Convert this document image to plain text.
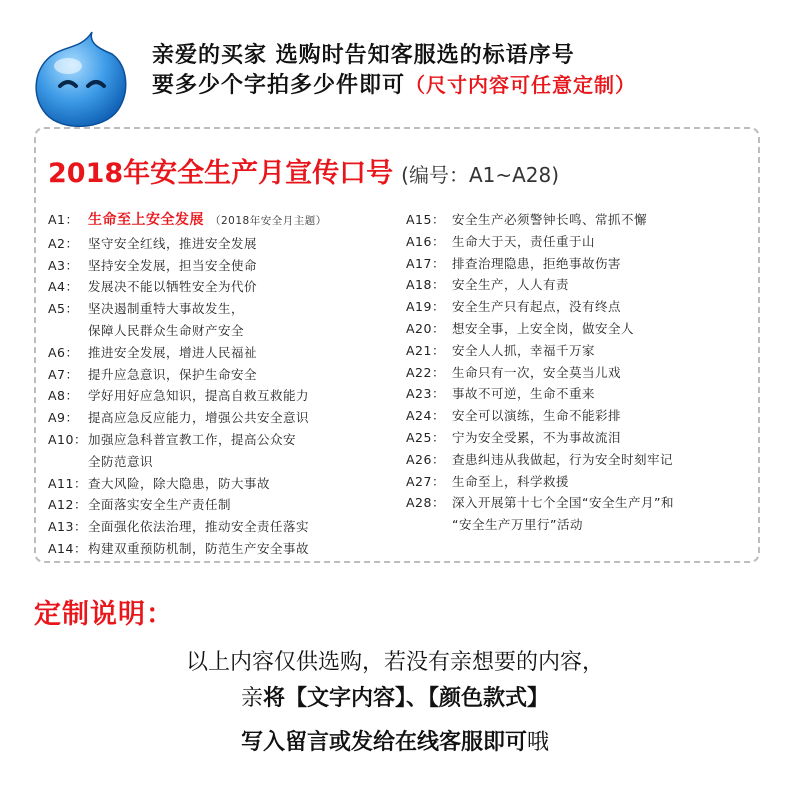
亲爱的买家 选购时告知客服选的标语序号
要多少个字拍多少件即可（尺寸内容可任意定制）
2018年安全生产月宣传口号 (编号：A1~A28)
A1： 生命至上安全发展 （2018年安全月主题）
A2： 坚守安全红线，推进安全发展
A3： 坚持安全发展，担当安全使命
A4： 发展决不能以牺牲安全为代价
A5： 坚决遏制重特大事故发生，
保障人民群众生命财产安全
A6： 推进安全发展，增进人民福祉
A7： 提升应急意识，保护生命安全
A8： 学好用好应急知识，提高自救互救能力
A9： 提高应急反应能力，增强公共安全意识
A10： 加强应急科普宣教工作，提高公众安
全防范意识
A11： 查大风险，除大隐患，防大事故
A12： 全面落实安全生产责任制
A13： 全面强化依法治理，推动安全责任落实
A14： 构建双重预防机制，防范生产安全事故
A15： 安全生产必须警钟长鸣、常抓不懈
A16： 生命大于天，责任重于山
A17： 排查治理隐患，拒绝事故伤害
A18： 安全生产，人人有责
A19： 安全生产只有起点，没有终点
A20： 想安全事，上安全岗，做安全人
A21： 安全人人抓，幸福千万家
A22： 生命只有一次，安全莫当儿戏
A23： 事故不可逆，生命不重来
A24： 安全可以演练，生命不能彩排
A25： 宁为安全受累，不为事故流泪
A26： 查患纠违从我做起，行为安全时刻牢记
A27： 生命至上，科学救援
A28： 深入开展第十七个全国“安全生产月”和
“安全生产万里行”活动
定制说明：
以上内容仅供选购，若没有亲想要的内容，
亲将【文字内容】、【颜色款式】
写入留言或发给在线客服即可哦
